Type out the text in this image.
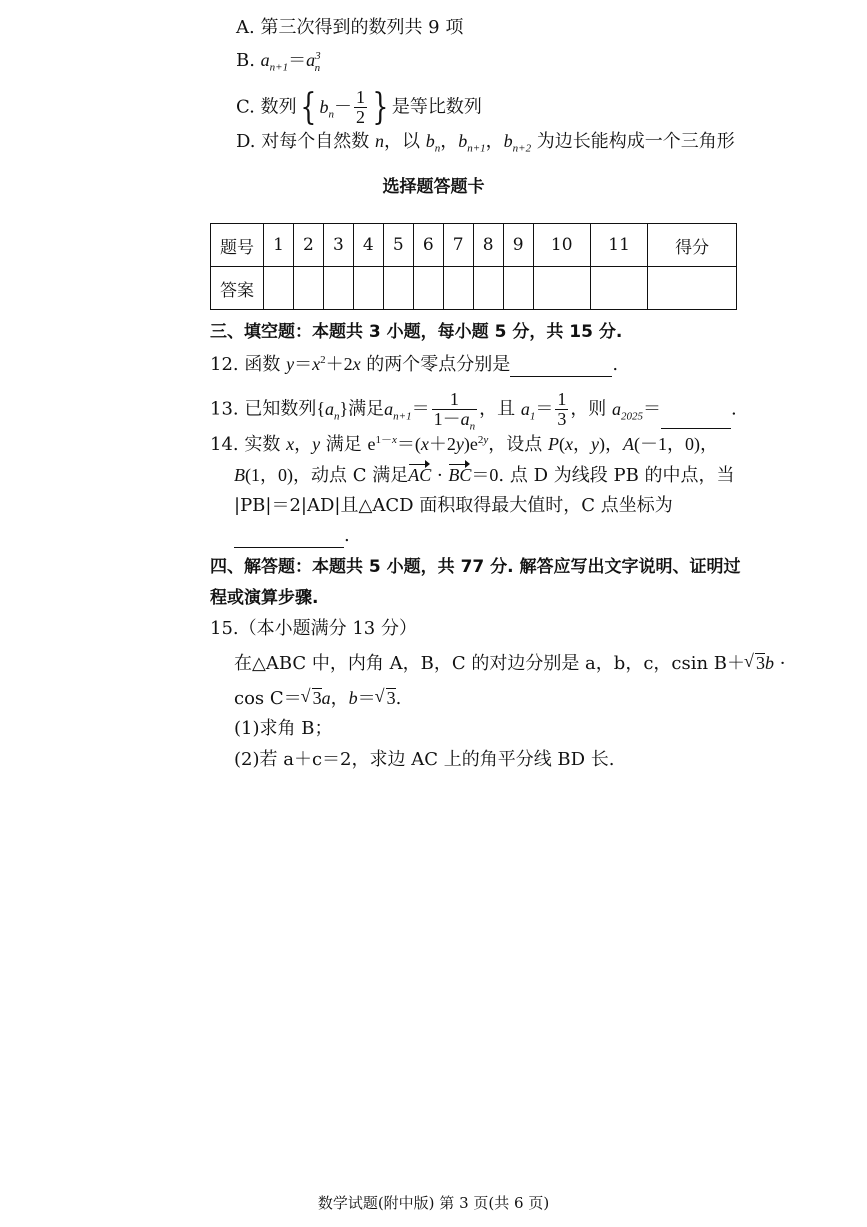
A. 第三次得到的数列共 9 项
B. $a_{n+1}=a^3_n$
C. 数列{ $b_n- \frac{1}{2}$ } 是等比数列
D. 对每个自然数 n，以 $b_n$，$b_{n+1}$，$b_{n+2}$ 为边长能构成一个三角形
选择题答题卡
题号	1	2	3	4	5	6	7	8	9	10	11	得分
答案												
三、填空题：本题共 3 小题，每小题 5 分，共 15 分.
12. 函数 $y=x^2+2x$ 的两个零点分别是	.
13. 已知数列$\{a_n\}$满足$a_{n+1}= \frac{1}{1-a_n}$ ，且 $a_1= \frac{1}{3}$ ，则 $a_{2025}=$	.
14. 实数 x，y 满足 $e^{1-x}=(x+2y)e^{2y}$，设点 P(x，y)，A(－1，0)，
B(1，0)，动点 C 满足AC · BC＝0. 点 D 为线段 PB 的中点，当
|PB|＝2|AD|且△ACD 面积取得最大值时，C 点坐标为
.
四、解答题：本题共 5 小题，共 77 分. 解答应写出文字说明、证明过
程或演算步骤.
15.（本小题满分 13 分）
在△ABC 中，内角 A，B，C 的对边分别是 a，b，c，csin B＋ √ 3b ·
cos C＝ √ 3a，b＝ √ 3.
(1)求角 B；
(2)若 a＋c＝2，求边 AC 上的角平分线 BD 长.
数学试题(附中版) 第 3 页(共 6 页)
